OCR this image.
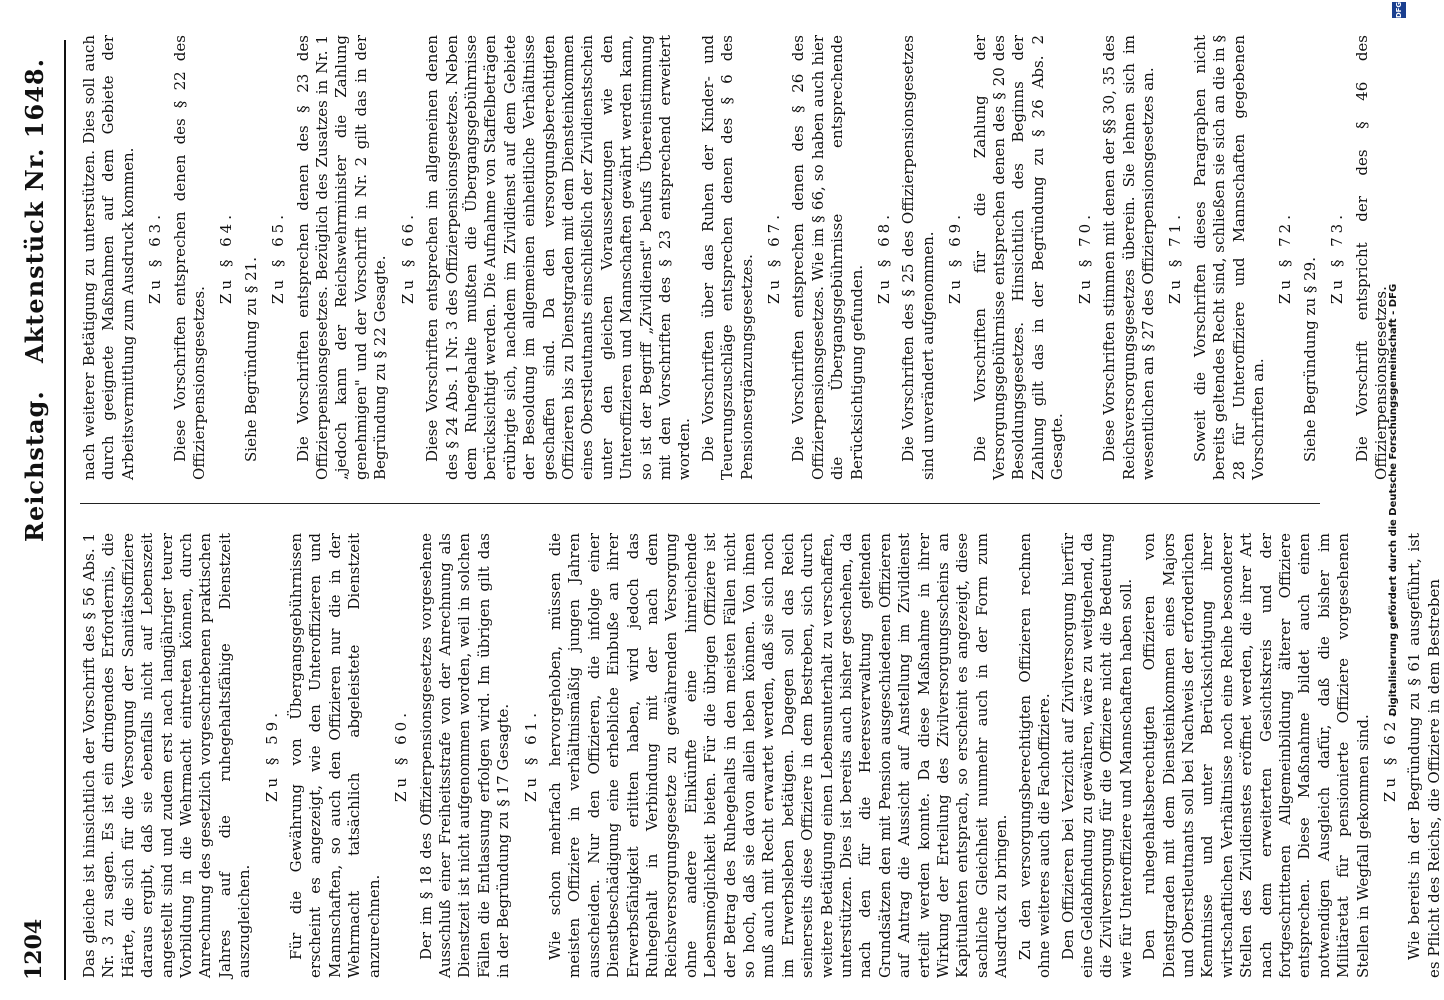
1204
Reichstag. Aktenstück Nr. 1648.

Das gleiche ist hinsichtlich der Vorschrift des § 56 Abs. 1 Nr. 3 zu sagen. Es ist ein dringendes Erfordernis, die Härte, die sich für die Versorgung der Sanitätsoffiziere daraus ergibt, daß sie ebenfalls nicht auf Lebenszeit angestellt sind und zudem erst nach langjähriger teurer Vorbildung in die Wehrmacht eintreten können, durch Anrechnung des gesetzlich vorgeschriebenen praktischen Jahres auf die ruhegehaltsfähige Dienstzeit auszugleichen.

Zu § 59. Für die Gewährung von Übergangsgebührnissen erscheint es angezeigt, wie den Unteroffizieren und Mannschaften, so auch den Offizieren nur die in der Wehrmacht tatsächlich abgeleistete Dienstzeit anzurechnen.

Zu § 60. Der im § 18 des Offizierpensionsgesetzes vorgesehene Ausschluß einer Freiheitsstrafe von der Anrechnung als Dienstzeit ist nicht aufgenommen worden, weil in solchen Fällen die Entlassung erfolgen wird. Im übrigen gilt das in der Begründung zu § 17 Gesagte. Zu § 61. Wie schon mehrfach hervorgehoben, müssen die meisten Offiziere in verhältnismäßig jungen Jahren ausscheiden. Nur den Offizieren, die infolge einer Dienstbeschädigung eine erhebliche Einbuße an ihrer Erwerbsfähigkeit erlitten haben, wird jedoch das Ruhegehalt in Verbindung mit der nach dem Reichsversorgungsgesetze zu gewährenden Versorgung ohne andere Einkünfte eine hinreichende Lebensmöglichkeit bieten. Für die übrigen Offiziere ist der Betrag des Ruhegehalts in den meisten Fällen nicht so hoch, daß sie davon allein leben können. Von ihnen muß auch mit Recht erwartet werden, daß sie sich noch im Erwerbsleben betätigen. Dagegen soll das Reich seinerseits diese Offiziere in dem Bestreben, sich durch weitere Betätigung einen Lebensunterhalt zu verschaffen, unterstützen. Dies ist bereits auch bisher geschehen, da nach den für die Heeresverwaltung geltenden Grundsätzen den mit Pension ausgeschiedenen Offizieren auf Antrag die Aussicht auf Anstellung im Zivildienst erteilt werden konnte. Da diese Maßnahme in ihrer Wirkung der Erteilung des Zivilversorgungsscheins an Kapitulanten entsprach, so erscheint es angezeigt, diese sachliche Gleichheit nunmehr auch in der Form zum Ausdruck zu bringen. Zu den versorgungsberechtigten Offizieren rechnen ohne weiteres auch die Fachoffiziere. Den Offizieren bei Verzicht auf Zivilversorgung hierfür eine Geldabfindung zu gewähren, wäre zu weitgehend, da die Zivilversorgung für die Offiziere nicht die Bedeutung wie für Unteroffiziere und Mannschaften haben soll. Den ruhegehaltsberechtigten Offizieren von Dienstgraden mit dem Diensteinkommen eines Majors und Oberstleutnants soll bei Nachweis der erforderlichen Kenntnisse und unter Berücksichtigung ihrer wirtschaftlichen Verhältnisse noch eine Reihe besonderer Stellen des Zivildienstes eröffnet werden, die ihrer Art nach dem erweiterten Gesichtskreis und der fortgeschrittenen Allgemeinbildung älterer Offiziere entsprechen. Diese Maßnahme bildet auch einen notwendigen Ausgleich dafür, daß die bisher im Militäretat für pensionierte Offiziere vorgesehenen Stellen in Wegfall gekommen sind. Zu § 62. Wie bereits in der Begründung zu § 61 ausgeführt, ist es Pflicht des Reichs, die Offiziere in dem Bestreben

nach weiterer Betätigung zu unterstützen. Dies soll auch durch geeignete Maßnahmen auf dem Gebiete der Arbeitsvermittlung zum Ausdruck kommen. Zu § 63. Diese Vorschriften entsprechen denen des § 22 des Offizierpensionsgesetzes.

Zu § 64. Siehe Begründung zu § 21. Zu § 65. Die Vorschriften entsprechen denen des § 23 des Offizierpensionsgesetzes. Bezüglich des Zusatzes in Nr. 1 „jedoch kann der Reichswehrminister die Zahlung genehmigen" und der Vorschrift in Nr. 2 gilt das in der Begründung zu § 22 Gesagte. Zu § 66. Diese Vorschriften entsprechen im allgemeinen denen des § 24 Abs. 1 Nr. 3 des Offizierpensionsgesetzes. Neben dem Ruhegehalte mußten die Übergangsgebührnisse berücksichtigt werden. Die Aufnahme von Staffelbeträgen erübrigte sich, nachdem im Zivildienst auf dem Gebiete der Besoldung im allgemeinen einheitliche Verhältnisse geschaffen sind. Da den versorgungsberechtigten Offizieren bis zu Dienstgraden mit dem Diensteinkommen eines Oberstleutnants einschließlich der Zivildienstschein unter den gleichen Voraussetzungen wie den Unteroffizieren und Mannschaften gewährt werden kann, so ist der Begriff „Zivildienst" behufs Übereinstimmung mit den Vorschriften des § 23 entsprechend erweitert worden. Die Vorschriften über das Ruhen der Kinder- und Teuerungszuschläge entsprechen denen des § 6 des Pensionsergänzungsgesetzes. Zu § 67. Die Vorschriften entsprechen denen des § 26 des Offizierpensionsgesetzes. Wie im § 66, so haben auch hier die Übergangsgebührnisse entsprechende Berücksichtigung gefunden.

Zu § 68. Die Vorschriften des § 25 des Offizierpensionsgesetzes sind unverändert aufgenommen. Zu § 69. Die Vorschriften für die Zahlung der Versorgungsgebührnisse entsprechen denen des § 20 des Besoldungsgesetzes. Hinsichtlich des Beginns der Zahlung gilt das in der Begründung zu § 26 Abs. 2 Gesagte.

Zu § 70. Diese Vorschriften stimmen mit denen der §§ 30, 35 des Reichsversorgungsgesetzes überein. Sie lehnen sich im wesentlichen an § 27 des Offizierpensionsgesetzes an. Zu § 71. Soweit die Vorschriften dieses Paragraphen nicht bereits geltendes Recht sind, schließen sie sich an die in § 28 für Unteroffiziere und Mannschaften gegebenen Vorschriften an.

Zu § 72. Siehe Begründung zu § 29. Zu § 73. Die Vorschrift entspricht der des § 46 des Offizierpensionsgesetzes.

Digitalisierung gefördert durch die Deutsche Forschungsgemeinschaft - DFG
DFG
